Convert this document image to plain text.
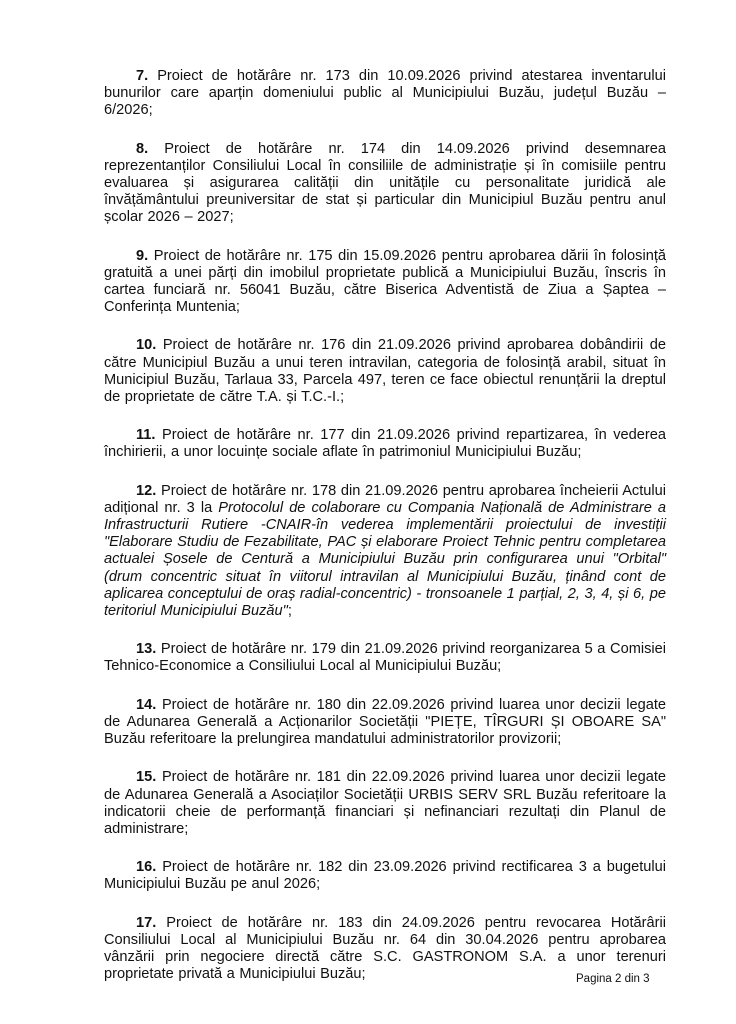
7. Proiect de hotărâre nr. 173 din 10.09.2026 privind atestarea inventarului bunurilor care aparțin domeniului public al Municipiului Buzău, județul Buzău – 6/2026;

8. Proiect de hotărâre nr. 174 din 14.09.2026 privind desemnarea reprezentanților Consiliului Local în consiliile de administrație și în comisiile pentru evaluarea și asigurarea calității din unitățile cu personalitate juridică ale învățământului preuniversitar de stat și particular din Municipiul Buzău pentru anul școlar 2026 – 2027;

9. Proiect de hotărâre nr. 175 din 15.09.2026 pentru aprobarea dării în folosință gratuită a unei părți din imobilul proprietate publică a Municipiului Buzău, înscris în cartea funciară nr. 56041 Buzău, către Biserica Adventistă de Ziua a Șaptea – Conferința Muntenia;

10. Proiect de hotărâre nr. 176 din 21.09.2026 privind aprobarea dobândirii de către Municipiul Buzău a unui teren intravilan, categoria de folosință arabil, situat în Municipiul Buzău, Tarlaua 33, Parcela 497, teren ce face obiectul renunțării la dreptul de proprietate de către T.A. și T.C.-I.;

11. Proiect de hotărâre nr. 177 din 21.09.2026 privind repartizarea, în vederea închirierii, a unor locuințe sociale aflate în patrimoniul Municipiului Buzău;

12. Proiect de hotărâre nr. 178 din 21.09.2026 pentru aprobarea încheierii Actului adițional nr. 3 la Protocolul de colaborare cu Compania Națională de Administrare a Infrastructurii Rutiere -CNAIR-în vederea implementării proiectului de investiții "Elaborare Studiu de Fezabilitate, PAC și elaborare Proiect Tehnic pentru completarea actualei Șosele de Centură a Municipiului Buzău prin configurarea unui "Orbital" (drum concentric situat în viitorul intravilan al Municipiului Buzău, ținând cont de aplicarea conceptului de oraș radial-concentric) - tronsoanele 1 parțial, 2, 3, 4, și 6, pe teritoriul Municipiului Buzău";

13. Proiect de hotărâre nr. 179 din 21.09.2026 privind reorganizarea 5 a Comisiei Tehnico-Economice a Consiliului Local al Municipiului Buzău;

14. Proiect de hotărâre nr. 180 din 22.09.2026 privind luarea unor decizii legate de Adunarea Generală a Acționarilor Societății "PIEȚE, TÎRGURI ȘI OBOARE SA" Buzău referitoare la prelungirea mandatului administratorilor provizorii;

15. Proiect de hotărâre nr. 181 din 22.09.2026 privind luarea unor decizii legate de Adunarea Generală a Asociaților Societății URBIS SERV SRL Buzău referitoare la indicatorii cheie de performanță financiari și nefinanciari rezultați din Planul de administrare;

16. Proiect de hotărâre nr. 182 din 23.09.2026 privind rectificarea 3 a bugetului Municipiului Buzău pe anul 2026;

17. Proiect de hotărâre nr. 183 din 24.09.2026 pentru revocarea Hotărârii Consiliului Local al Municipiului Buzău nr. 64 din 30.04.2026 pentru aprobarea vânzării prin negociere directă către S.C. GASTRONOM S.A. a unor terenuri proprietate privată a Municipiului Buzău;	Pagina 2 din 3
